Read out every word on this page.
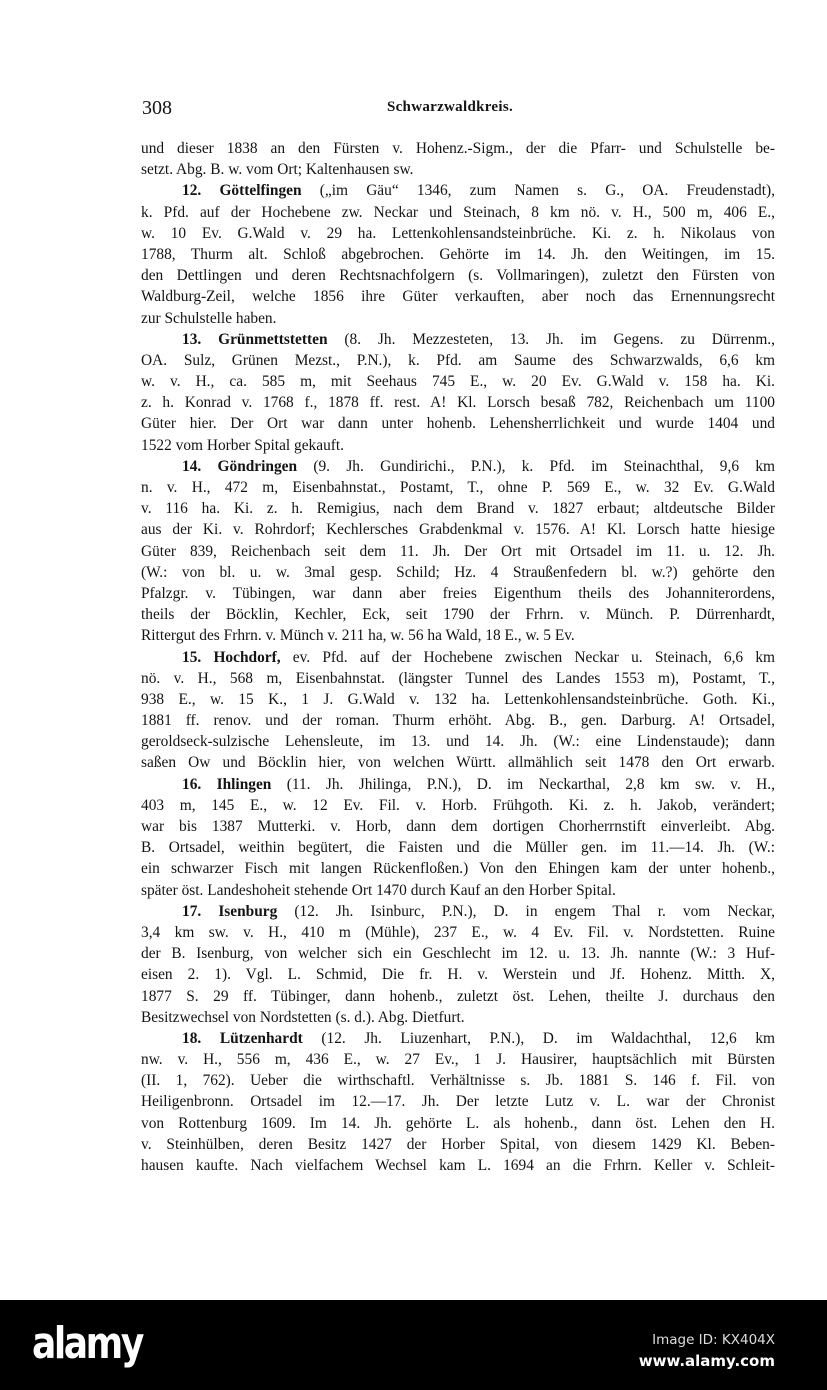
308	Schwarzwaldkreis.
und dieser 1838 an den Fürsten v. Hohenz.-Sigm., der die Pfarr- und Schulstelle be-
setzt. Abg. B. w. vom Ort; Kaltenhausen sw.
12. Göttelfingen („im Gäu“ 1346, zum Namen s. G., OA. Freudenstadt),
k. Pfd. auf der Hochebene zw. Neckar und Steinach, 8 km nö. v. H., 500 m, 406 E.,
w. 10 Ev. G.Wald v. 29 ha. Lettenkohlensandsteinbrüche. Ki. z. h. Nikolaus von
1788, Thurm alt. Schloß abgebrochen. Gehörte im 14. Jh. den Weitingen, im 15.
den Dettlingen und deren Rechtsnachfolgern (s. Vollmaringen), zuletzt den Fürsten von
Waldburg-Zeil, welche 1856 ihre Güter verkauften, aber noch das Ernennungsrecht
zur Schulstelle haben.
13. Grünmettstetten (8. Jh. Mezzesteten, 13. Jh. im Gegens. zu Dürrenm.,
OA. Sulz, Grünen Mezst., P.N.), k. Pfd. am Saume des Schwarzwalds, 6,6 km
w. v. H., ca. 585 m, mit Seehaus 745 E., w. 20 Ev. G.Wald v. 158 ha. Ki.
z. h. Konrad v. 1768 f., 1878 ff. rest. A! Kl. Lorsch besaß 782, Reichenbach um 1100
Güter hier. Der Ort war dann unter hohenb. Lehensherrlichkeit und wurde 1404 und
1522 vom Horber Spital gekauft.
14. Göndringen (9. Jh. Gundirichi., P.N.), k. Pfd. im Steinachthal, 9,6 km
n. v. H., 472 m, Eisenbahnstat., Postamt, T., ohne P. 569 E., w. 32 Ev. G.Wald
v. 116 ha. Ki. z. h. Remigius, nach dem Brand v. 1827 erbaut; altdeutsche Bilder
aus der Ki. v. Rohrdorf; Kechlersches Grabdenkmal v. 1576. A! Kl. Lorsch hatte hiesige
Güter 839, Reichenbach seit dem 11. Jh. Der Ort mit Ortsadel im 11. u. 12. Jh.
(W.: von bl. u. w. 3mal gesp. Schild; Hz. 4 Straußenfedern bl. w.?) gehörte den
Pfalzgr. v. Tübingen, war dann aber freies Eigenthum theils des Johanniterordens,
theils der Böcklin, Kechler, Eck, seit 1790 der Frhrn. v. Münch. P. Dürrenhardt,
Rittergut des Frhrn. v. Münch v. 211 ha, w. 56 ha Wald, 18 E., w. 5 Ev.
15. Hochdorf, ev. Pfd. auf der Hochebene zwischen Neckar u. Steinach, 6,6 km
nö. v. H., 568 m, Eisenbahnstat. (längster Tunnel des Landes 1553 m), Postamt, T.,
938 E., w. 15 K., 1 J. G.Wald v. 132 ha. Lettenkohlensandsteinbrüche. Goth. Ki.,
1881 ff. renov. und der roman. Thurm erhöht. Abg. B., gen. Darburg. A! Ortsadel,
geroldseck-sulzische Lehensleute, im 13. und 14. Jh. (W.: eine Lindenstaude); dann
saßen Ow und Böcklin hier, von welchen Württ. allmählich seit 1478 den Ort erwarb.
16. Ihlingen (11. Jh. Jhilinga, P.N.), D. im Neckarthal, 2,8 km sw. v. H.,
403 m, 145 E., w. 12 Ev. Fil. v. Horb. Frühgoth. Ki. z. h. Jakob, verändert;
war bis 1387 Mutterki. v. Horb, dann dem dortigen Chorherrnstift einverleibt. Abg.
B. Ortsadel, weithin begütert, die Faisten und die Müller gen. im 11.—14. Jh. (W.:
ein schwarzer Fisch mit langen Rückenfloßen.) Von den Ehingen kam der unter hohenb.,
später öst. Landeshoheit stehende Ort 1470 durch Kauf an den Horber Spital.
17. Isenburg (12. Jh. Isinburc, P.N.), D. in engem Thal r. vom Neckar,
3,4 km sw. v. H., 410 m (Mühle), 237 E., w. 4 Ev. Fil. v. Nordstetten. Ruine
der B. Isenburg, von welcher sich ein Geschlecht im 12. u. 13. Jh. nannte (W.: 3 Huf-
eisen 2. 1). Vgl. L. Schmid, Die fr. H. v. Werstein und Jf. Hohenz. Mitth. X,
1877 S. 29 ff. Tübinger, dann hohenb., zuletzt öst. Lehen, theilte J. durchaus den
Besitzwechsel von Nordstetten (s. d.). Abg. Dietfurt.
18. Lützenhardt (12. Jh. Liuzenhart, P.N.), D. im Waldachthal, 12,6 km
nw. v. H., 556 m, 436 E., w. 27 Ev., 1 J. Hausirer, hauptsächlich mit Bürsten
(II. 1, 762). Ueber die wirthschaftl. Verhältnisse s. Jb. 1881 S. 146 f. Fil. von
Heiligenbronn. Ortsadel im 12.—17. Jh. Der letzte Lutz v. L. war der Chronist
von Rottenburg 1609. Im 14. Jh. gehörte L. als hohenb., dann öst. Lehen den H.
v. Steinhülben, deren Besitz 1427 der Horber Spital, von diesem 1429 Kl. Beben-
hausen kaufte. Nach vielfachem Wechsel kam L. 1694 an die Frhrn. Keller v. Schleit-
alamy	Image ID: KX404X
www.alamy.com
